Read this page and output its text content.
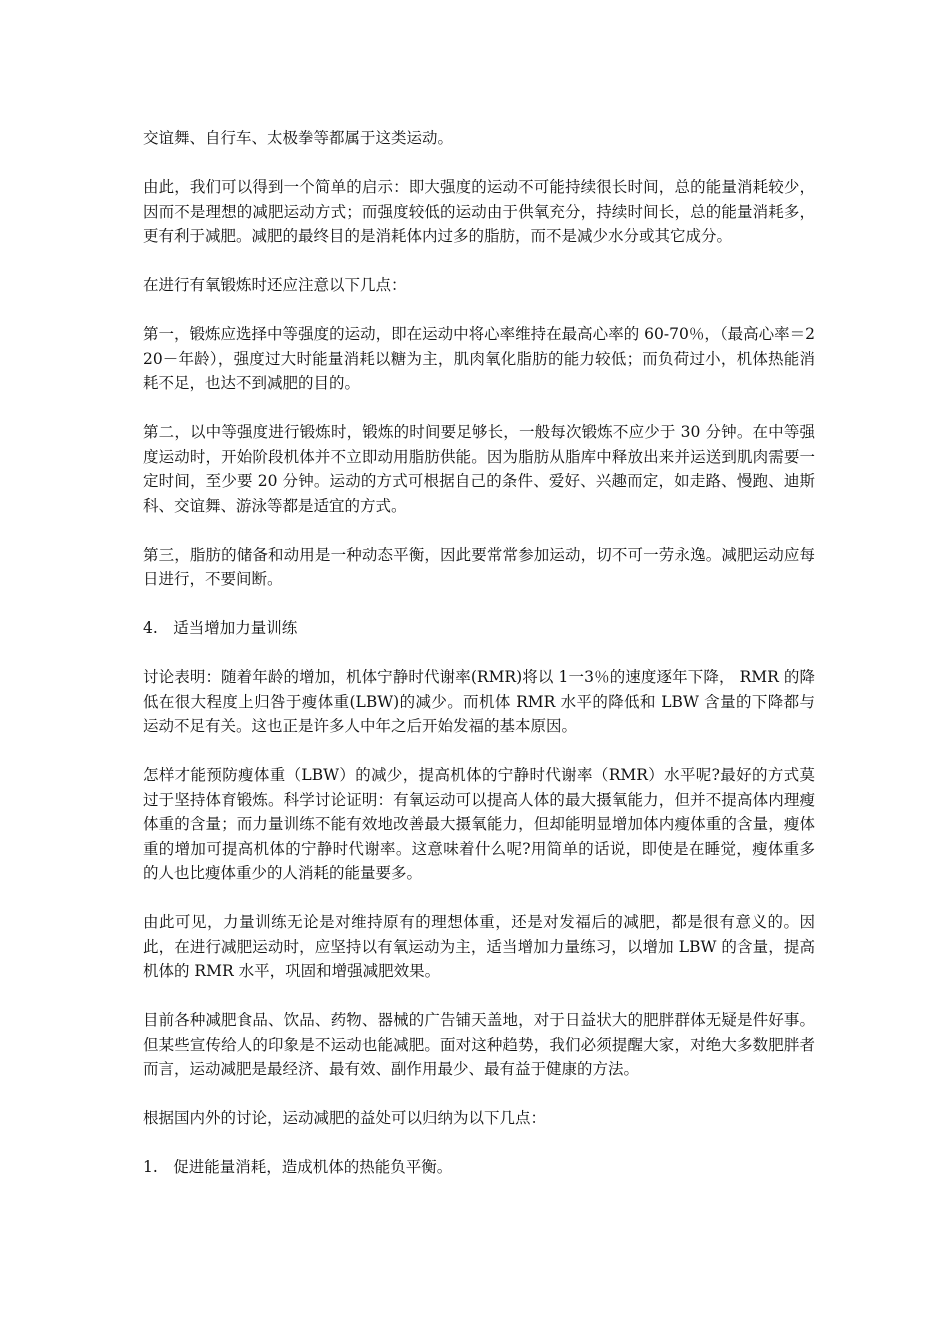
交谊舞、自行车、太极拳等都属于这类运动。

由此，我们可以得到一个简单的启示：即大强度的运动不可能持续很长时间，总的能量消耗较少，因而不是理想的减肥运动方式；而强度较低的运动由于供氧充分，持续时间长，总的能量消耗多，更有利于减肥。减肥的最终目的是消耗体内过多的脂肪，而不是减少水分或其它成分。

在进行有氧锻炼时还应注意以下几点：

第一，锻炼应选择中等强度的运动，即在运动中将心率维持在最高心率的 60-70％，（最高心率＝220－年龄），强度过大时能量消耗以糖为主，肌肉氧化脂肪的能力较低；而负荷过小，机体热能消耗不足，也达不到减肥的目的。

第二，以中等强度进行锻炼时，锻炼的时间要足够长，一般每次锻炼不应少于 30 分钟。在中等强度运动时，开始阶段机体并不立即动用脂肪供能。因为脂肪从脂库中释放出来并运送到肌肉需要一定时间，至少要 20 分钟。运动的方式可根据自己的条件、爱好、兴趣而定，如走路、慢跑、迪斯科、交谊舞、游泳等都是适宜的方式。

第三，脂肪的储备和动用是一种动态平衡，因此要常常参加运动，切不可一劳永逸。减肥运动应每日进行，不要间断。

4.　适当增加力量训练

讨论表明：随着年龄的增加，机体宁静时代谢率(RMR)将以 1一3％的速度逐年下降， RMR 的降低在很大程度上归咎于瘦体重(LBW)的减少。而机体 RMR 水平的降低和 LBW 含量的下降都与运动不足有关。这也正是许多人中年之后开始发福的基本原因。

怎样才能预防瘦体重（LBW）的减少，提高机体的宁静时代谢率（RMR）水平呢?最好的方式莫过于坚持体育锻炼。科学讨论证明：有氧运动可以提高人体的最大摄氧能力，但并不提高体内理瘦体重的含量；而力量训练不能有效地改善最大摄氧能力，但却能明显增加体内瘦体重的含量，瘦体重的增加可提高机体的宁静时代谢率。这意味着什么呢?用简单的话说，即使是在睡觉，瘦体重多的人也比瘦体重少的人消耗的能量要多。

由此可见，力量训练无论是对维持原有的理想体重，还是对发福后的减肥，都是很有意义的。因此，在进行减肥运动时，应坚持以有氧运动为主，适当增加力量练习，以增加 LBW 的含量，提高机体的 RMR 水平，巩固和增强减肥效果。

目前各种减肥食品、饮品、药物、器械的广告铺天盖地，对于日益状大的肥胖群体无疑是件好事。但某些宣传给人的印象是不运动也能减肥。面对这种趋势，我们必须提醒大家，对绝大多数肥胖者而言，运动减肥是最经济、最有效、副作用最少、最有益于健康的方法。

根据国内外的讨论，运动减肥的益处可以归纳为以下几点：

1.　促进能量消耗，造成机体的热能负平衡。
